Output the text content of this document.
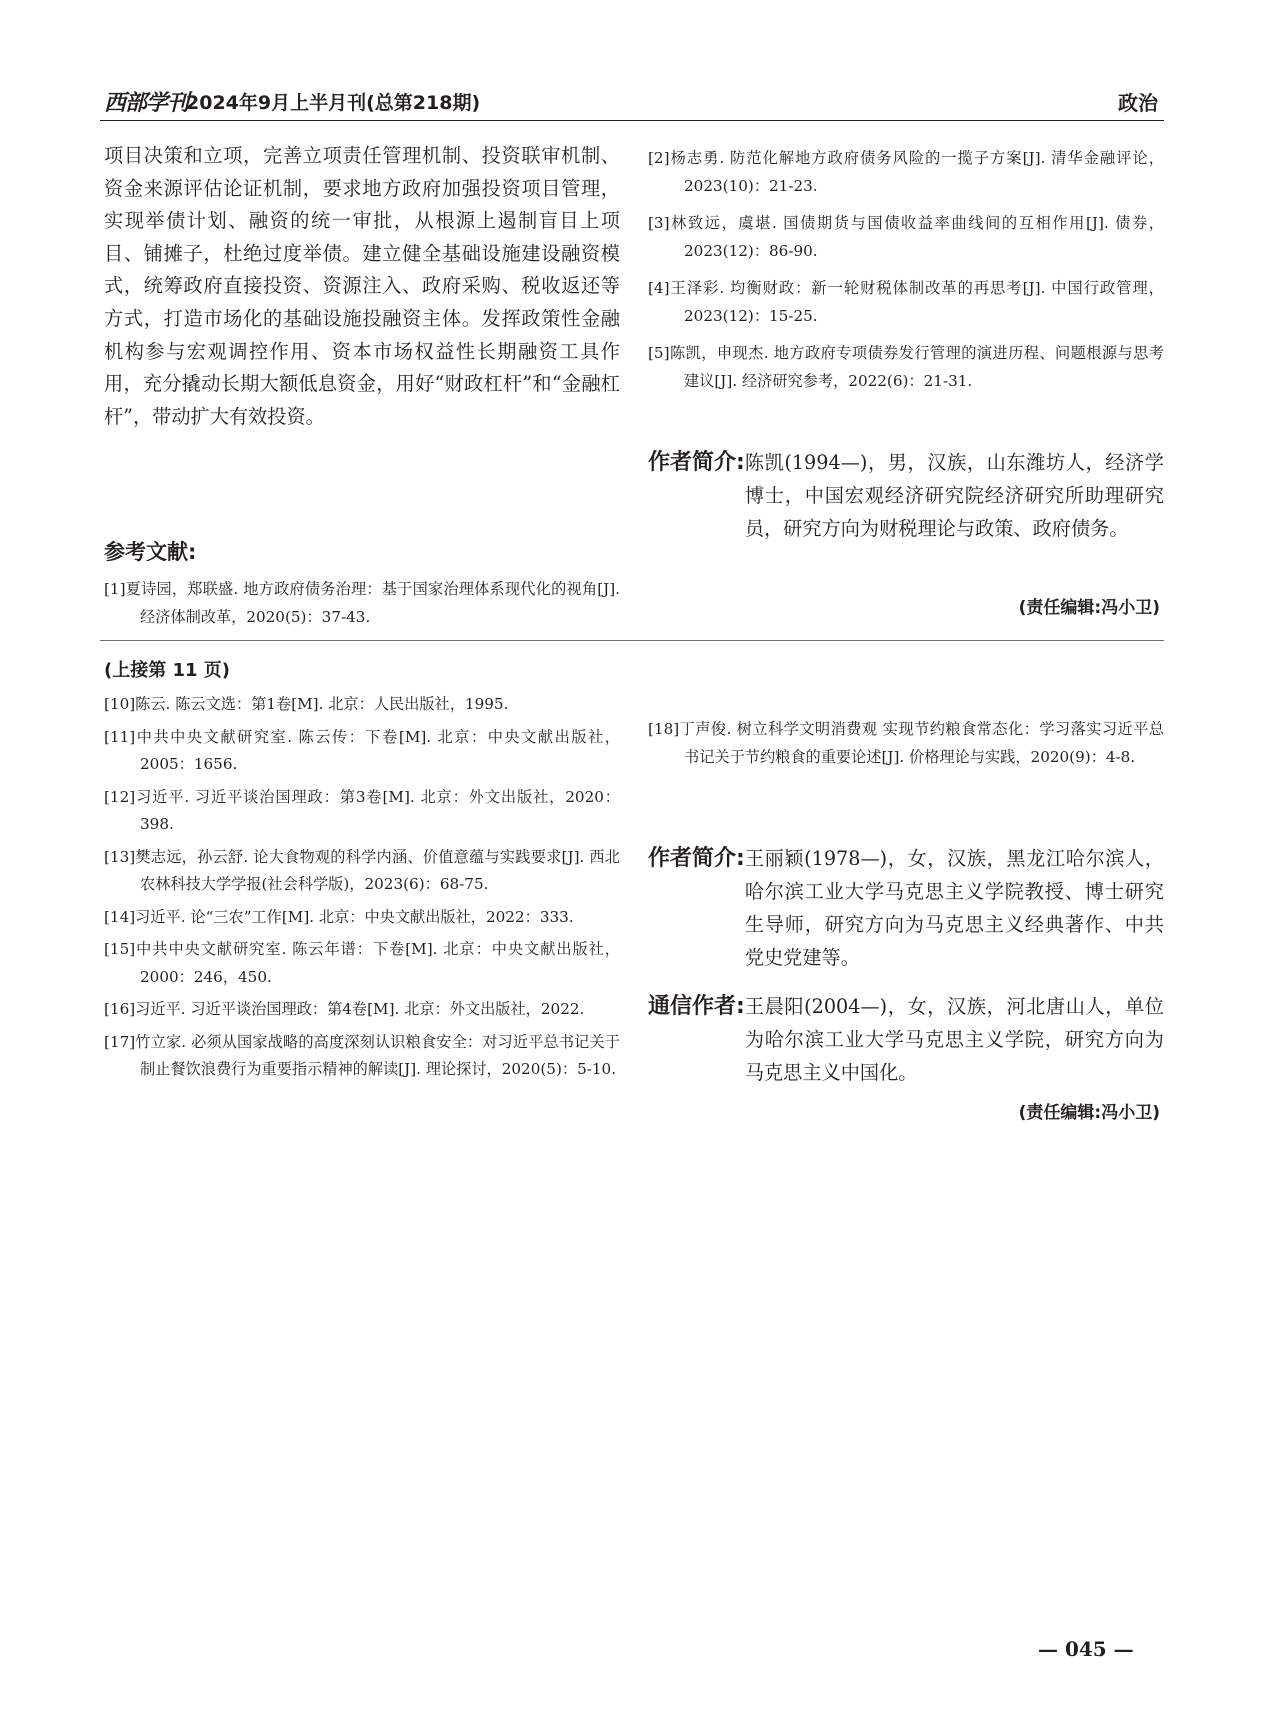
西部学刊
2024年9月上半月刊(总第218期)	政治

项目决策和立项，完善立项责任管理机制、投资联审机制、资金来源评估论证机制，要求地方政府加强投资项目管理，实现举债计划、融资的统一审批，从根源上遏制盲目上项目、铺摊子，杜绝过度举债。建立健全基础设施建设融资模式，统筹政府直接投资、资源注入、政府采购、税收返还等方式，打造市场化的基础设施投融资主体。发挥政策性金融机构参与宏观调控作用、资本市场权益性长期融资工具作用，充分撬动长期大额低息资金，用好“财政杠杆”和“金融杠杆”，带动扩大有效投资。

参考文献:

[1]夏诗园，郑联盛. 地方政府债务治理：基于国家治理体系现代化的视角[J]. 经济体制改革，2020(5)：37-43.

[2]杨志勇. 防范化解地方政府债务风险的一揽子方案[J]. 清华金融评论，2023(10)：21-23.

[3]林致远，虞堪. 国债期货与国债收益率曲线间的互相作用[J]. 债券，2023(12)：86-90.

[4]王泽彩. 均衡财政：新一轮财税体制改革的再思考[J]. 中国行政管理，2023(12)：15-25.

[5]陈凯，申现杰. 地方政府专项债券发行管理的演进历程、问题根源与思考建议[J]. 经济研究参考，2022(6)：21-31.

作者简介: 陈凯(1994—)，男，汉族，山东潍坊人，经济学博士，中国宏观经济研究院经济研究所助理研究员，研究方向为财税理论与政策、政府债务。

(责任编辑:冯小卫)
(上接第 11 页)

[10]陈云. 陈云文选：第1卷[M]. 北京：人民出版社，1995.

[11]中共中央文献研究室. 陈云传：下卷[M]. 北京：中央文献出版社，2005：1656.

[12]习近平. 习近平谈治国理政：第3卷[M]. 北京：外文出版社，2020：398.

[13]樊志远，孙云舒. 论大食物观的科学内涵、价值意蕴与实践要求[J]. 西北农林科技大学学报(社会科学版)，2023(6)：68-75.

[14]习近平. 论“三农”工作[M]. 北京：中央文献出版社，2022：333.

[15]中共中央文献研究室. 陈云年谱：下卷[M]. 北京：中央文献出版社，2000：246，450.

[16]习近平. 习近平谈治国理政：第4卷[M]. 北京：外文出版社，2022.

[17]竹立家. 必须从国家战略的高度深刻认识粮食安全：对习近平总书记关于制止餐饮浪费行为重要指示精神的解读[J]. 理论探讨，2020(5)：5-10.

[18]丁声俊. 树立科学文明消费观 实现节约粮食常态化：学习落实习近平总书记关于节约粮食的重要论述[J]. 价格理论与实践，2020(9)：4-8.

作者简介: 王丽颖(1978—)，女，汉族，黑龙江哈尔滨人，哈尔滨工业大学马克思主义学院教授、博士研究生导师，研究方向为马克思主义经典著作、中共党史党建等。

通信作者: 王晨阳(2004—)，女，汉族，河北唐山人，单位为哈尔滨工业大学马克思主义学院，研究方向为马克思主义中国化。

(责任编辑:冯小卫)
— 045 —
